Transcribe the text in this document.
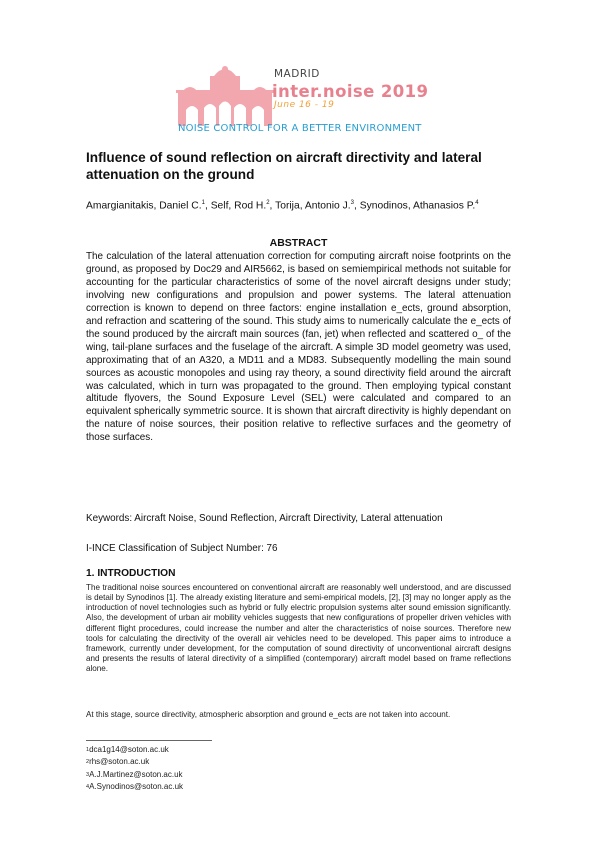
MADRID
inter.noise 2019
June 16 - 19
NOISE CONTROL FOR A BETTER ENVIRONMENT
Influence of sound reflection on aircraft directivity and lateral attenuation on the ground

Amargianitakis, Daniel C.$^1$, Self, Rod H.$^2$, Torija, Antonio J.$^3$, Synodinos, Athanasios P.$^4$

ABSTRACT

The calculation of the lateral attenuation correction for computing aircraft noise footprints on the ground, as proposed by Doc29 and AIR5662, is based on semiempirical methods not suitable for accounting for the particular characteristics of some of the novel aircraft designs under study; involving new configurations and propulsion and power systems. The lateral attenuation correction is known to depend on three factors: engine installation e_ects, ground absorption, and refraction and scattering of the sound. This study aims to numerically calculate the e_ects of the sound produced by the aircraft main sources (fan, jet) when reflected and scattered o_ of the wing, tail-plane surfaces and the fuselage of the aircraft. A simple 3D model geometry was used, approximating that of an A320, a MD11 and a MD83. Subsequently modelling the main sound sources as acoustic monopoles and using ray theory, a sound directivity field around the aircraft was calculated, which in turn was propagated to the ground. Then employing typical constant altitude flyovers, the Sound Exposure Level (SEL) were calculated and compared to an equivalent spherically symmetric source. It is shown that aircraft directivity is highly dependant on the nature of noise sources, their position relative to reflective surfaces and the geometry of those surfaces.

Keywords: Aircraft Noise, Sound Reflection, Aircraft Directivity, Lateral attenuation

I-INCE Classification of Subject Number: 76

1. INTRODUCTION

The traditional noise sources encountered on conventional aircraft are reasonably well understood, and are discussed is detail by Synodinos [1]. The already existing literature and semi-empirical models, [2], [3] may no longer apply as the introduction of novel technologies such as hybrid or fully electric propulsion systems alter sound emission significantly. Also, the development of urban air mobility vehicles suggests that new configurations of propeller driven vehicles with different flight procedures, could increase the number and alter the characteristics of noise sources. Therefore new tools for calculating the directivity of the overall air vehicles need to be developed. This paper aims to introduce a framework, currently under development, for the computation of sound directivity of unconventional aircraft designs and presents the results of lateral directivity of a simplified (contemporary) aircraft model based on frame reflections alone.

At this stage, source directivity, atmospheric absorption and ground e_ects are not taken into account.

1dca1g14@soton.ac.uk
2rhs@soton.ac.uk
3A.J.Martinez@soton.ac.uk
4A.Synodinos@soton.ac.uk
